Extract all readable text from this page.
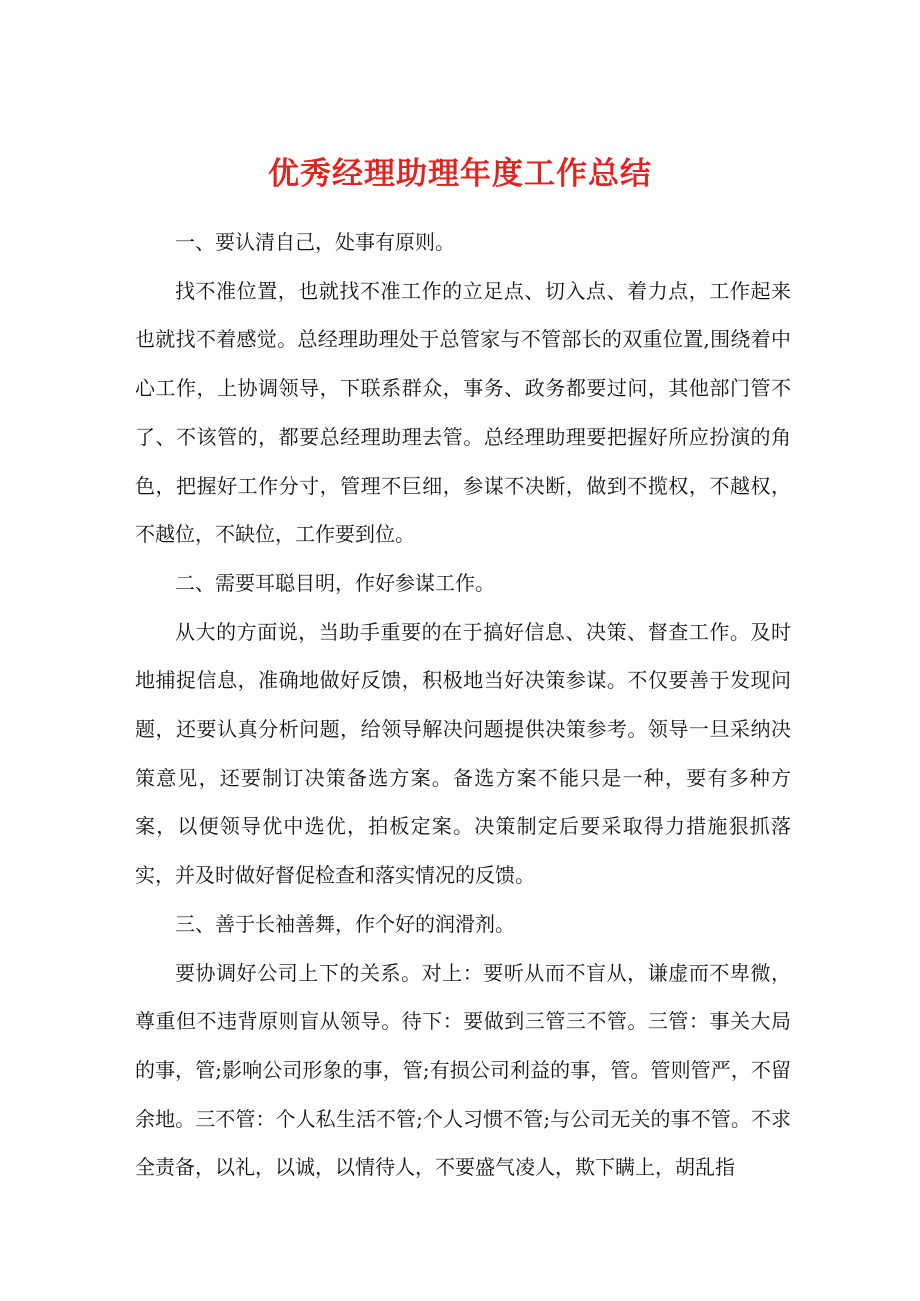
优秀经理助理年度工作总结

一、要认清自己，处事有原则。

找不准位置，也就找不准工作的立足点、切入点、着力点，工作起来也就找不着感觉。总经理助理处于总管家与不管部长的双重位置,围绕着中心工作，上协调领导，下联系群众，事务、政务都要过问，其他部门管不了、不该管的，都要总经理助理去管。总经理助理要把握好所应扮演的角色，把握好工作分寸，管理不巨细，参谋不决断，做到不揽权，不越权，不越位，不缺位，工作要到位。

二、需要耳聪目明，作好参谋工作。

从大的方面说，当助手重要的在于搞好信息、决策、督查工作。及时地捕捉信息，准确地做好反馈，积极地当好决策参谋。不仅要善于发现问题，还要认真分析问题，给领导解决问题提供决策参考。领导一旦采纳决策意见，还要制订决策备选方案。备选方案不能只是一种，要有多种方案，以便领导优中选优，拍板定案。决策制定后要采取得力措施狠抓落实，并及时做好督促检查和落实情况的反馈。

三、善于长袖善舞，作个好的润滑剂。

要协调好公司上下的关系。对上：要听从而不盲从，谦虚而不卑微，尊重但不违背原则盲从领导。待下：要做到三管三不管。三管：事关大局的事，管;影响公司形象的事，管;有损公司利益的事，管。管则管严，不留余地。三不管：个人私生活不管;个人习惯不管;与公司无关的事不管。不求全责备，以礼，以诚，以情待人，不要盛气凌人，欺下瞒上，胡乱指
